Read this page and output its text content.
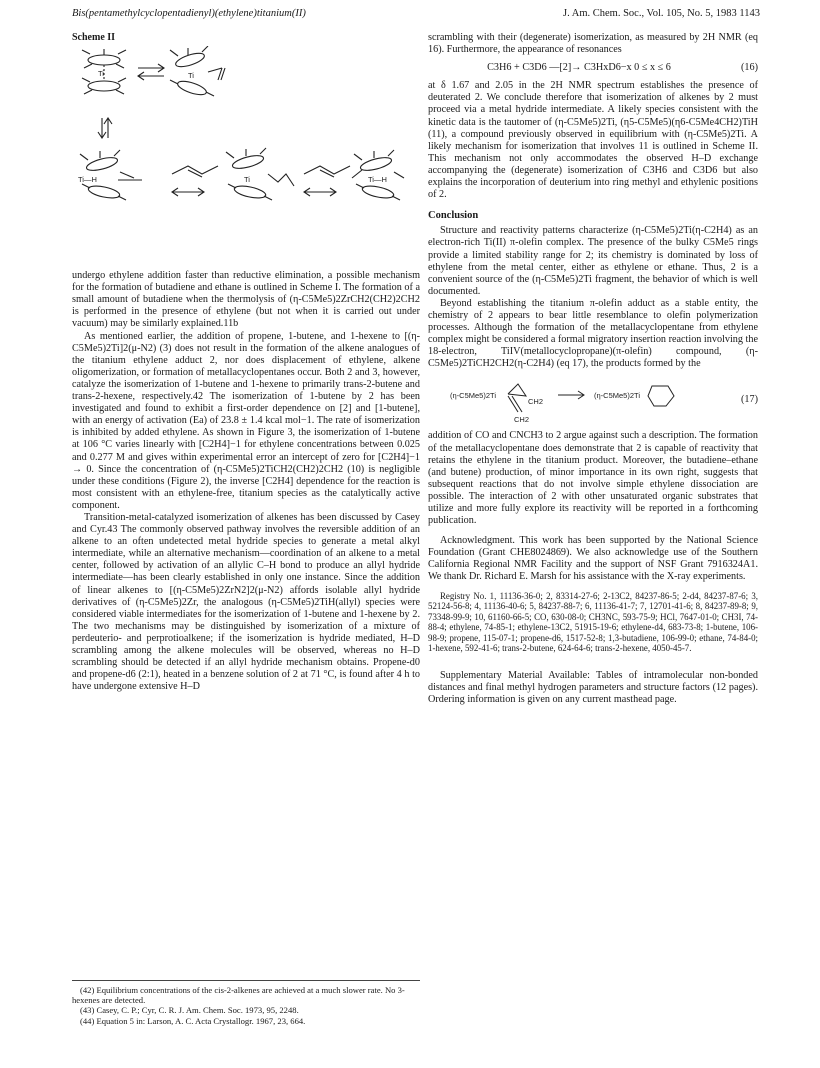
Bis(pentamethylcyclopentadienyl)(ethylene)titanium(II)	J. Am. Chem. Soc., Vol. 105, No. 5, 1983 1143
Scheme II
Ti	Ti
Ti—H	Ti	Ti—H

undergo ethylene addition faster than reductive elimination, a possible mechanism for the formation of butadiene and ethane is outlined in Scheme I. The formation of a small amount of butadiene when the thermolysis of (η-C5Me5)2ZrCH2(CH2)2CH2 is performed in the presence of ethylene (but not when it is carried out under vacuum) may be similarly explained.11b

As mentioned earlier, the addition of propene, 1-butene, and 1-hexene to [(η-C5Me5)2Ti]2(μ-N2) (3) does not result in the formation of the alkene analogues of the titanium ethylene adduct 2, nor does displacement of ethylene, alkene oligomerization, or formation of metallacyclopentanes occur. Both 2 and 3, however, catalyze the isomerization of 1-butene and 1-hexene to primarily trans-2-butene and trans-2-hexene, respectively.42 The isomerization of 1-butene by 2 has been investigated and found to exhibit a first-order dependence on [2] and [1-butene], with an energy of activation (Ea) of 23.8 ± 1.4 kcal mol−1. The rate of isomerization is inhibited by added ethylene. As shown in Figure 3, the isomerization of 1-butene at 106 °C varies linearly with [C2H4]−1 for ethylene concentrations between 0.025 and 0.277 M and gives within experimental error an intercept of zero for [C2H4]−1 → 0. Since the concentration of (η-C5Me5)2TiCH2(CH2)2CH2 (10) is negligible under these conditions (Figure 2), the inverse [C2H4] dependence for the reaction is most consistent with an ethylene-free, titanium species as the catalytically active component.

Transition-metal-catalyzed isomerization of alkenes has been discussed by Casey and Cyr.43 The commonly observed pathway involves the reversible addition of an alkene to an often undetected metal hydride species to generate a metal alkyl intermediate, while an alternative mechanism—coordination of an alkene to a metal center, followed by activation of an allylic C–H bond to produce an allyl hydride intermediate—has been clearly established in only one instance. Since the addition of linear alkenes to [(η-C5Me5)2ZrN2]2(μ-N2) affords isolable allyl hydride derivatives of (η-C5Me5)2Zr, the analogous (η-C5Me5)2TiH(allyl) species were considered viable intermediates for the isomerization of 1-butene and 1-hexene by 2. The two mechanisms may be distinguished by isomerization of a mixture of perdeuterio- and perprotioalkene; if the isomerization is hydride mediated, H–D scrambling among the alkene molecules will be observed, whereas no H–D scrambling should be detected if an allyl hydride mechanism obtains. Propene-d0 and propene-d6 (2:1), heated in a benzene solution of 2 at 71 °C, is found after 4 h to have undergone extensive H–D

(42) Equilibrium concentrations of the cis-2-alkenes are achieved at a much slower rate. No 3-hexenes are detected.
(43) Casey, C. P.; Cyr, C. R. J. Am. Chem. Soc. 1973, 95, 2248.
(44) Equation 5 in: Larson, A. C. Acta Crystallogr. 1967, 23, 664.

scrambling with their (degenerate) isomerization, as measured by 2H NMR (eq 16). Furthermore, the appearance of resonances

C3H6 + C3D6 —[2]→ C3HxD6−x 0 ≤ x ≤ 6	(16)

at δ 1.67 and 2.05 in the 2H NMR spectrum establishes the presence of deuterated 2. We conclude therefore that isomerization of alkenes by 2 must proceed via a metal hydride intermediate. A likely species consistent with the kinetic data is the tautomer of (η-C5Me5)2Ti, (η5-C5Me5)(η6-C5Me4CH2)TiH (11), a compound previously observed in equilibrium with (η-C5Me5)2Ti. A likely mechanism for isomerization that involves 11 is outlined in Scheme II. This mechanism not only accommodates the observed H–D exchange accompanying the (degenerate) isomerization of C3H6 and C3D6 but also explains the incorporation of deuterium into ring methyl and ethylenic positions of 2.

Conclusion

Structure and reactivity patterns characterize (η-C5Me5)2Ti(η-C2H4) as an electron-rich Ti(II) π-olefin complex. The presence of the bulky C5Me5 rings provide a limited stability range for 2; its chemistry is dominated by loss of ethylene from the metal center, either as ethylene or ethane. Thus, 2 is a convenient source of the (η-C5Me5)2Ti fragment, the behavior of which is well documented.

Beyond establishing the titanium π-olefin adduct as a stable entity, the chemistry of 2 appears to bear little resemblance to olefin polymerization processes. Although the formation of the metallacyclopentane from ethylene complex might be considered a formal migratory insertion reaction involving the 18-electron, TiIV(metallocyclopropane)(π-olefin) compound, (η-C5Me5)2TiCH2CH2(η-C2H4) (eq 17), the products formed by the

(η-C5Me5)2Ti
CH2
CH2
(η-C5Me5)2Ti	(17)

addition of CO and CNCH3 to 2 argue against such a description. The formation of the metallacyclopentane does demonstrate that 2 is capable of reactivity that retains the ethylene in the titanium product. Moreover, the butadiene–ethane (and butene) production, of minor importance in its own right, suggests that subsequent reactions that do not involve simple ethylene dissociation are possible. The interaction of 2 with other unsaturated organic substrates that utilize and more fully explore its reactivity will be reported in a forthcoming publication.

Acknowledgment. This work has been supported by the National Science Foundation (Grant CHE8024869). We also acknowledge use of the Southern California Regional NMR Facility and the support of NSF Grant 7916324A1. We thank Dr. Richard E. Marsh for his assistance with the X-ray experiments.

Registry No. 1, 11136-36-0; 2, 83314-27-6; 2-13C2, 84237-86-5; 2-d4, 84237-87-6; 3, 52124-56-8; 4, 11136-40-6; 5, 84237-88-7; 6, 11136-41-7; 7, 12701-41-6; 8, 84237-89-8; 9, 73348-99-9; 10, 61160-66-5; CO, 630-08-0; CH3NC, 593-75-9; HCl, 7647-01-0; CH3I, 74-88-4; ethylene, 74-85-1; ethylene-13C2, 51915-19-6; ethylene-d4, 683-73-8; 1-butene, 106-98-9; propene, 115-07-1; propene-d6, 1517-52-8; 1,3-butadiene, 106-99-0; ethane, 74-84-0; 1-hexene, 592-41-6; trans-2-butene, 624-64-6; trans-2-hexene, 4050-45-7.
Supplementary Material Available: Tables of intramolecular non-bonded distances and final methyl hydrogen parameters and structure factors (12 pages). Ordering information is given on any current masthead page.
